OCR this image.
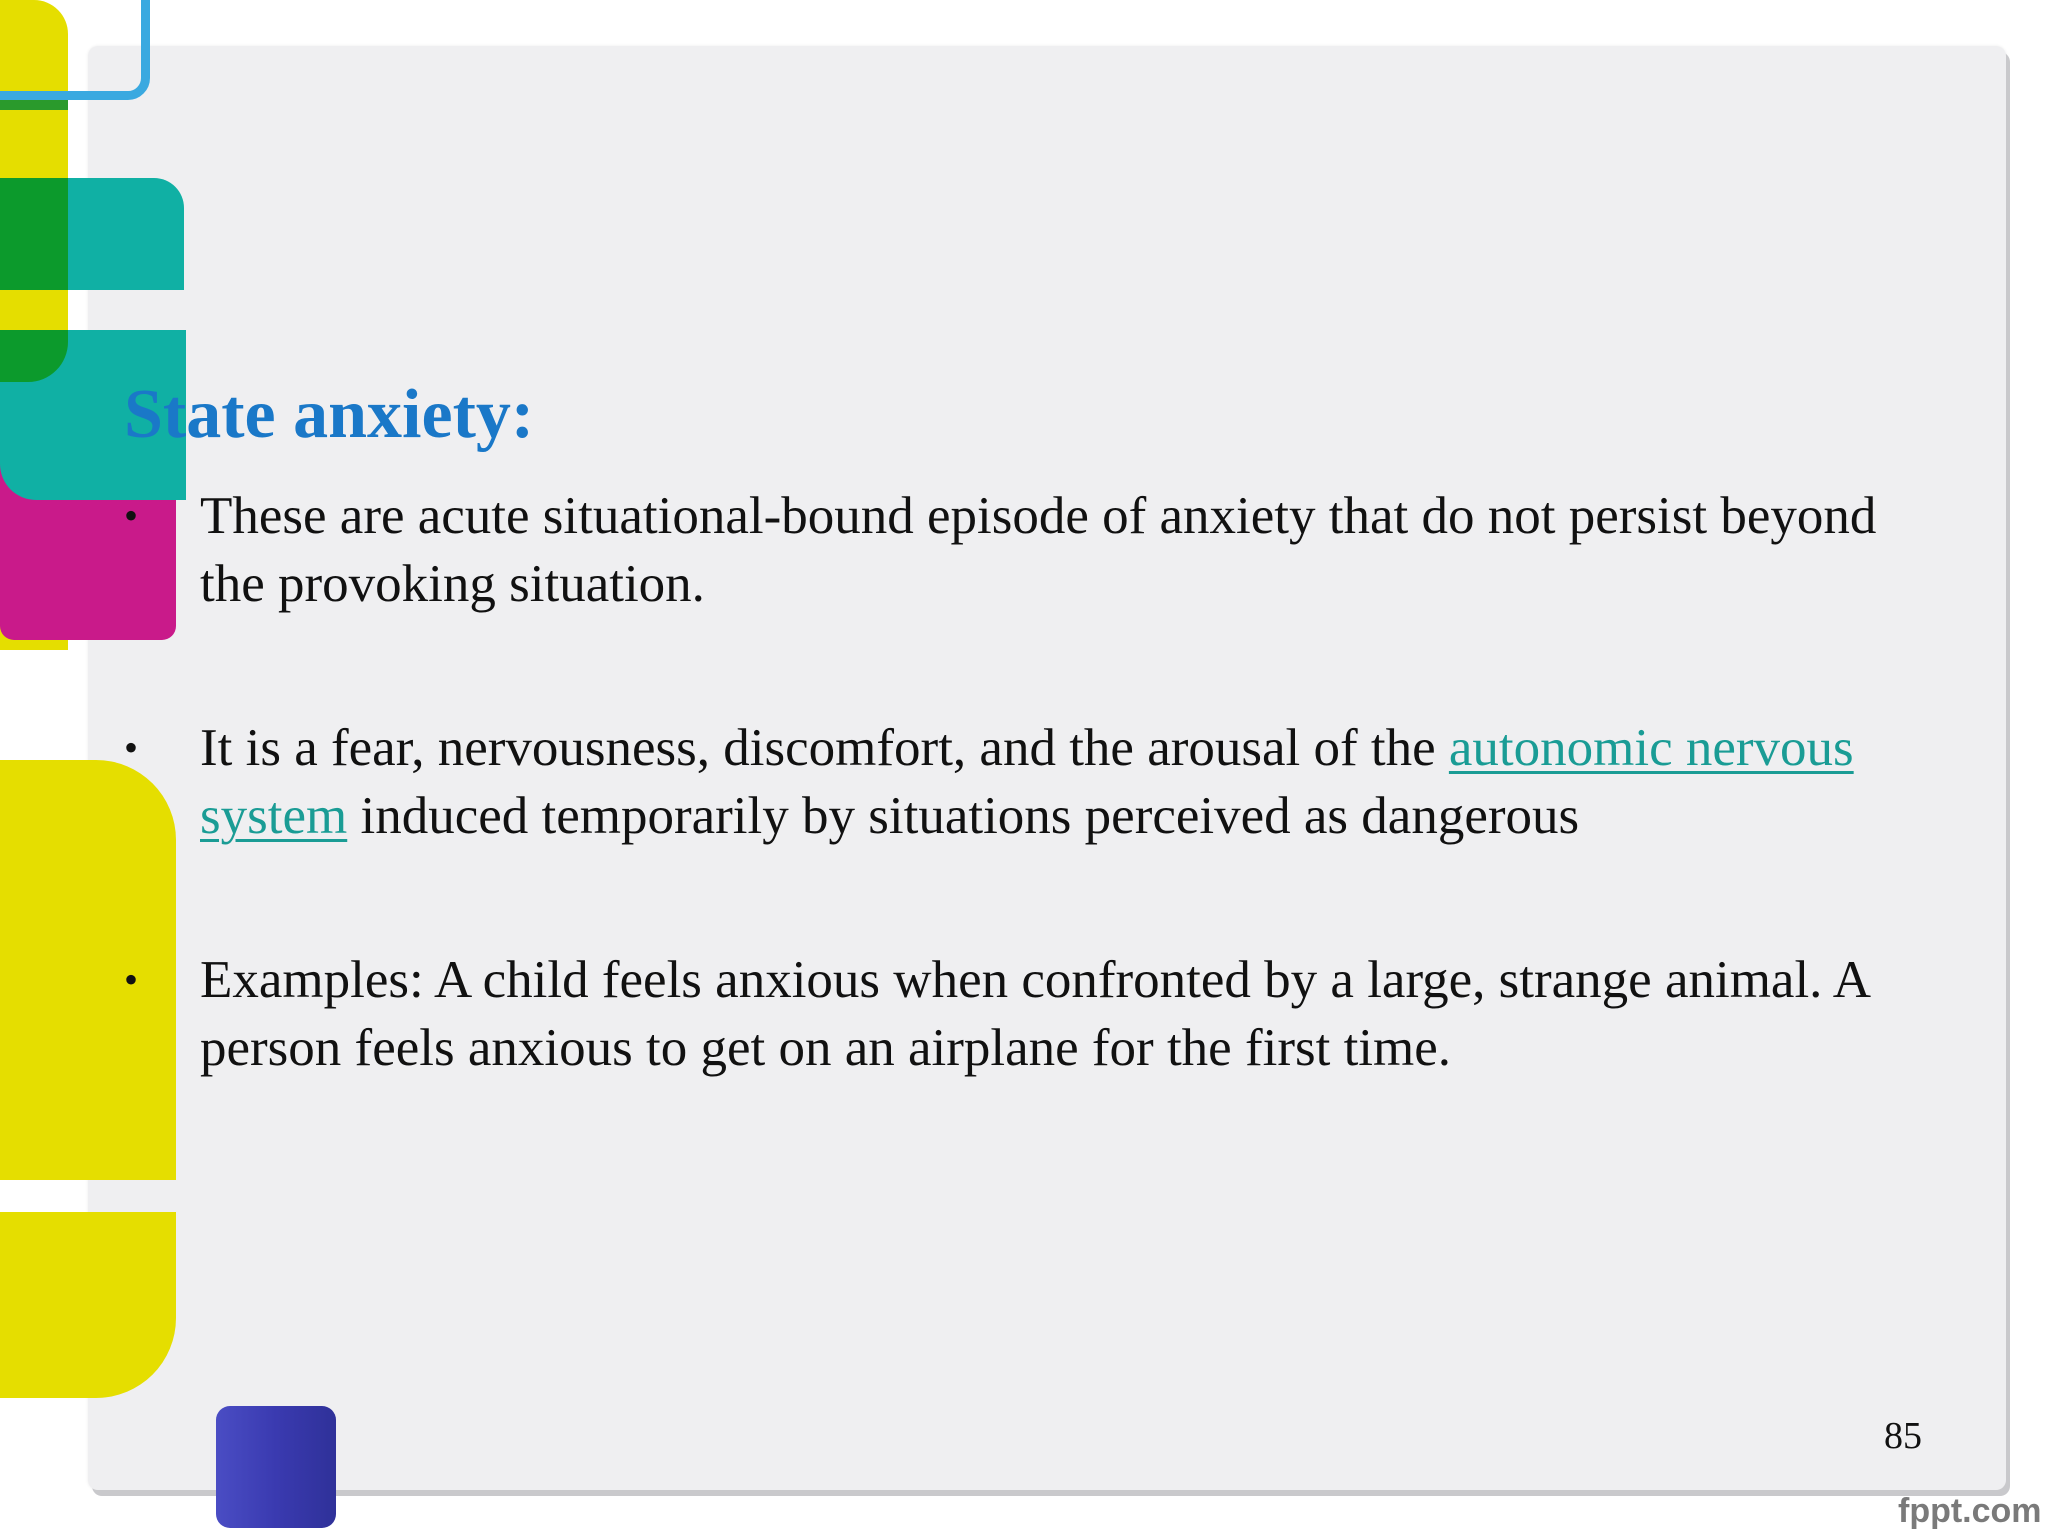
State anxiety:
• These are acute situational-bound episode of anxiety that do not persist beyond the provoking situation.
• It is a fear, nervousness, discomfort, and the arousal of the autonomic nervous system induced temporarily by situations perceived as dangerous
• Examples: A child feels anxious when confronted by a large, strange animal. A person feels anxious to get on an airplane for the first time.
85
fppt.com
